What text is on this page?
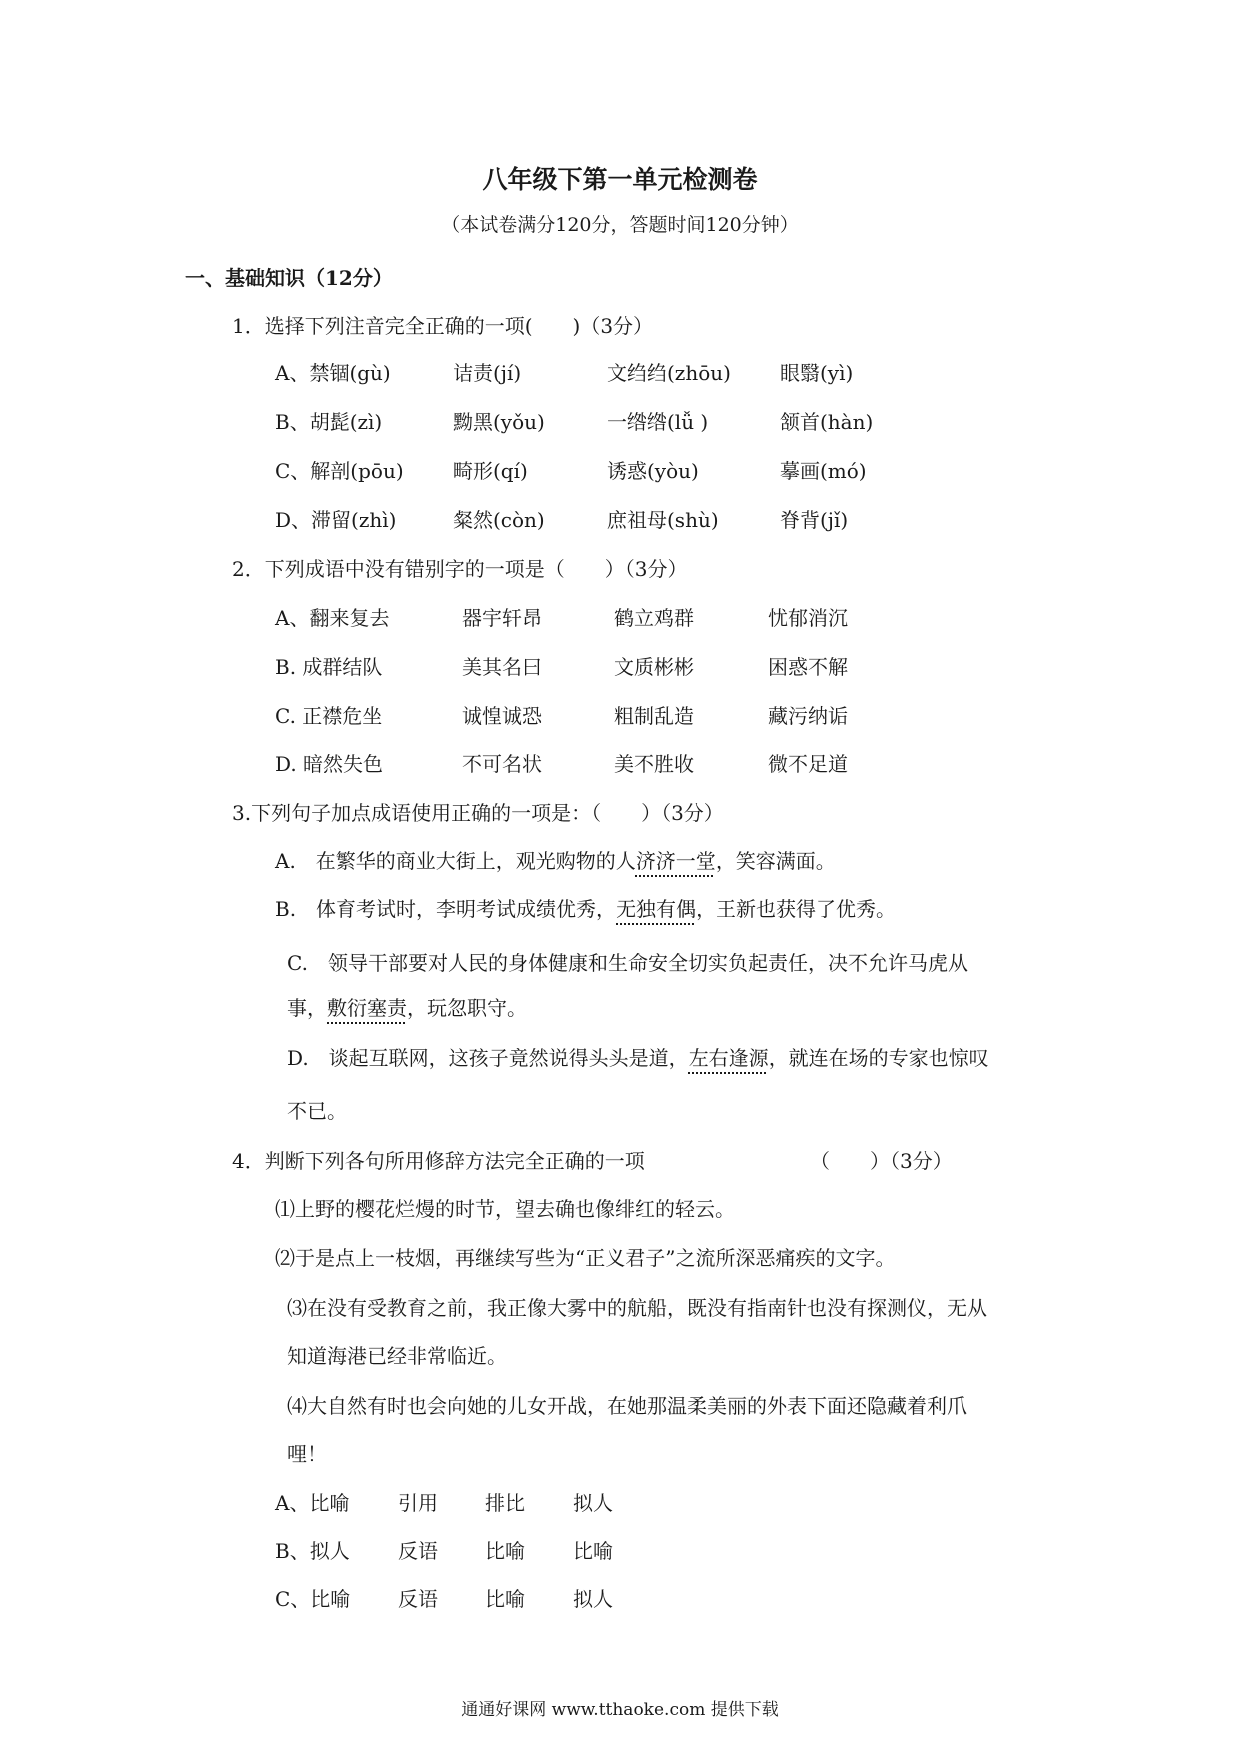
八年级下第一单元检测卷
（本试卷满分120分，答题时间120分钟）
一、基础知识（12分）
1．选择下列注音完全正确的一项(　　)（3分）
A、禁锢(gù)	诘责(jí)	文绉绉(zhōu) 眼翳(yì)
B、胡髭(zì)	黝黑(yǒu)	一绺绺(lǚ )	颔首(hàn)
C、解剖(pōu) 畸形(qí)	诱惑(yòu)	摹画(mó)
D、滞留(zhì)	粲然(còn)	庶祖母(shù)	脊背(jǐ)
2．下列成语中没有错别字的一项是（　　）（3分）
A、翻来复去	器宇轩昂	鹤立鸡群	忧郁消沉
B. 成群结队	美其名曰	文质彬彬	困惑不解
C. 正襟危坐	诚惶诚恐	粗制乱造	藏污纳诟
D. 暗然失色	不可名状	美不胜收	微不足道
3.下列句子加点成语使用正确的一项是：（　　）（3分）
A.　在繁华的商业大街上，观光购物的人济济一堂，笑容满面。
B.　体育考试时，李明考试成绩优秀，无独有偶，王新也获得了优秀。
C.　领导干部要对人民的身体健康和生命安全切实负起责任，决不允许马虎从
事，敷衍塞责，玩忽职守。
D.　谈起互联网，这孩子竟然说得头头是道，左右逢源，就连在场的专家也惊叹
不已。
4．判断下列各句所用修辞方法完全正确的一项	（　　）（3分）
⑴上野的樱花烂熳的时节，望去确也像绯红的轻云。
⑵于是点上一枝烟，再继续写些为“正义君子”之流所深恶痛疾的文字。
⑶在没有受教育之前，我正像大雾中的航船，既没有指南针也没有探测仪，无从
知道海港已经非常临近。
⑷大自然有时也会向她的儿女开战，在她那温柔美丽的外表下面还隐藏着利爪
哩！
A、比喻 引用 排比 拟人
B、拟人 反语 比喻 比喻
C、比喻 反语 比喻 拟人
通通好课网 www.tthaoke.com 提供下载
